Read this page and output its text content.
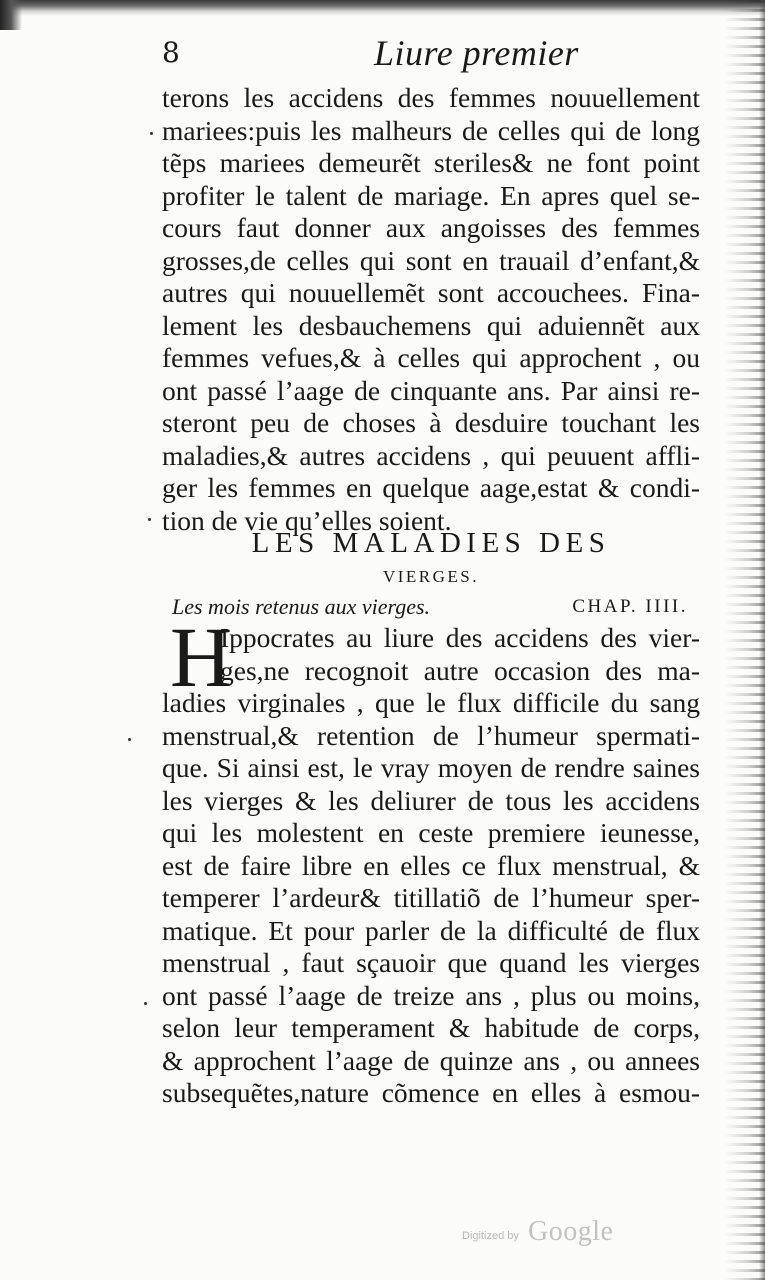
8	Liure premier
terons les accidens des femmes nouuellement
mariees:puis les malheurs de celles qui de long
tẽps mariees demeurẽt steriles& ne font point
profiter le talent de mariage. En apres quel se-
cours faut donner aux angoisses des femmes
grosses,de celles qui sont en trauail d’enfant,&
autres qui nouuellemẽt sont accouchees. Fina-
lement les desbauchemens qui aduiennẽt aux
femmes vefues,& à celles qui approchent , ou
ont passé l’aage de cinquante ans. Par ainsi re-
steront peu de choses à desduire touchant les
maladies,& autres accidens , qui peuuent affli-
ger les femmes en quelque aage,estat & condi-
tion de vie qu’elles soient.
LES MALADIES DES
VIERGES.
Les mois retenus aux vierges.	CHAP. IIII.
H
Ippocrates au liure des accidens des vier-
ges,ne recognoit autre occasion des ma-
ladies virginales , que le flux difficile du sang
menstrual,& retention de l’humeur spermati-
que. Si ainsi est, le vray moyen de rendre saines
les vierges & les deliurer de tous les accidens
qui les molestent en ceste premiere ieunesse,
est de faire libre en elles ce flux menstrual, &
temperer l’ardeur& titillatiõ de l’humeur sper-
matique. Et pour parler de la difficulté de flux
menstrual , faut sçauoir que quand les vierges
ont passé l’aage de treize ans , plus ou moins,
selon leur temperament & habitude de corps,
& approchent l’aage de quinze ans , ou annees
subsequẽtes,nature cõmence en elles à esmou-
Digitized by Google
